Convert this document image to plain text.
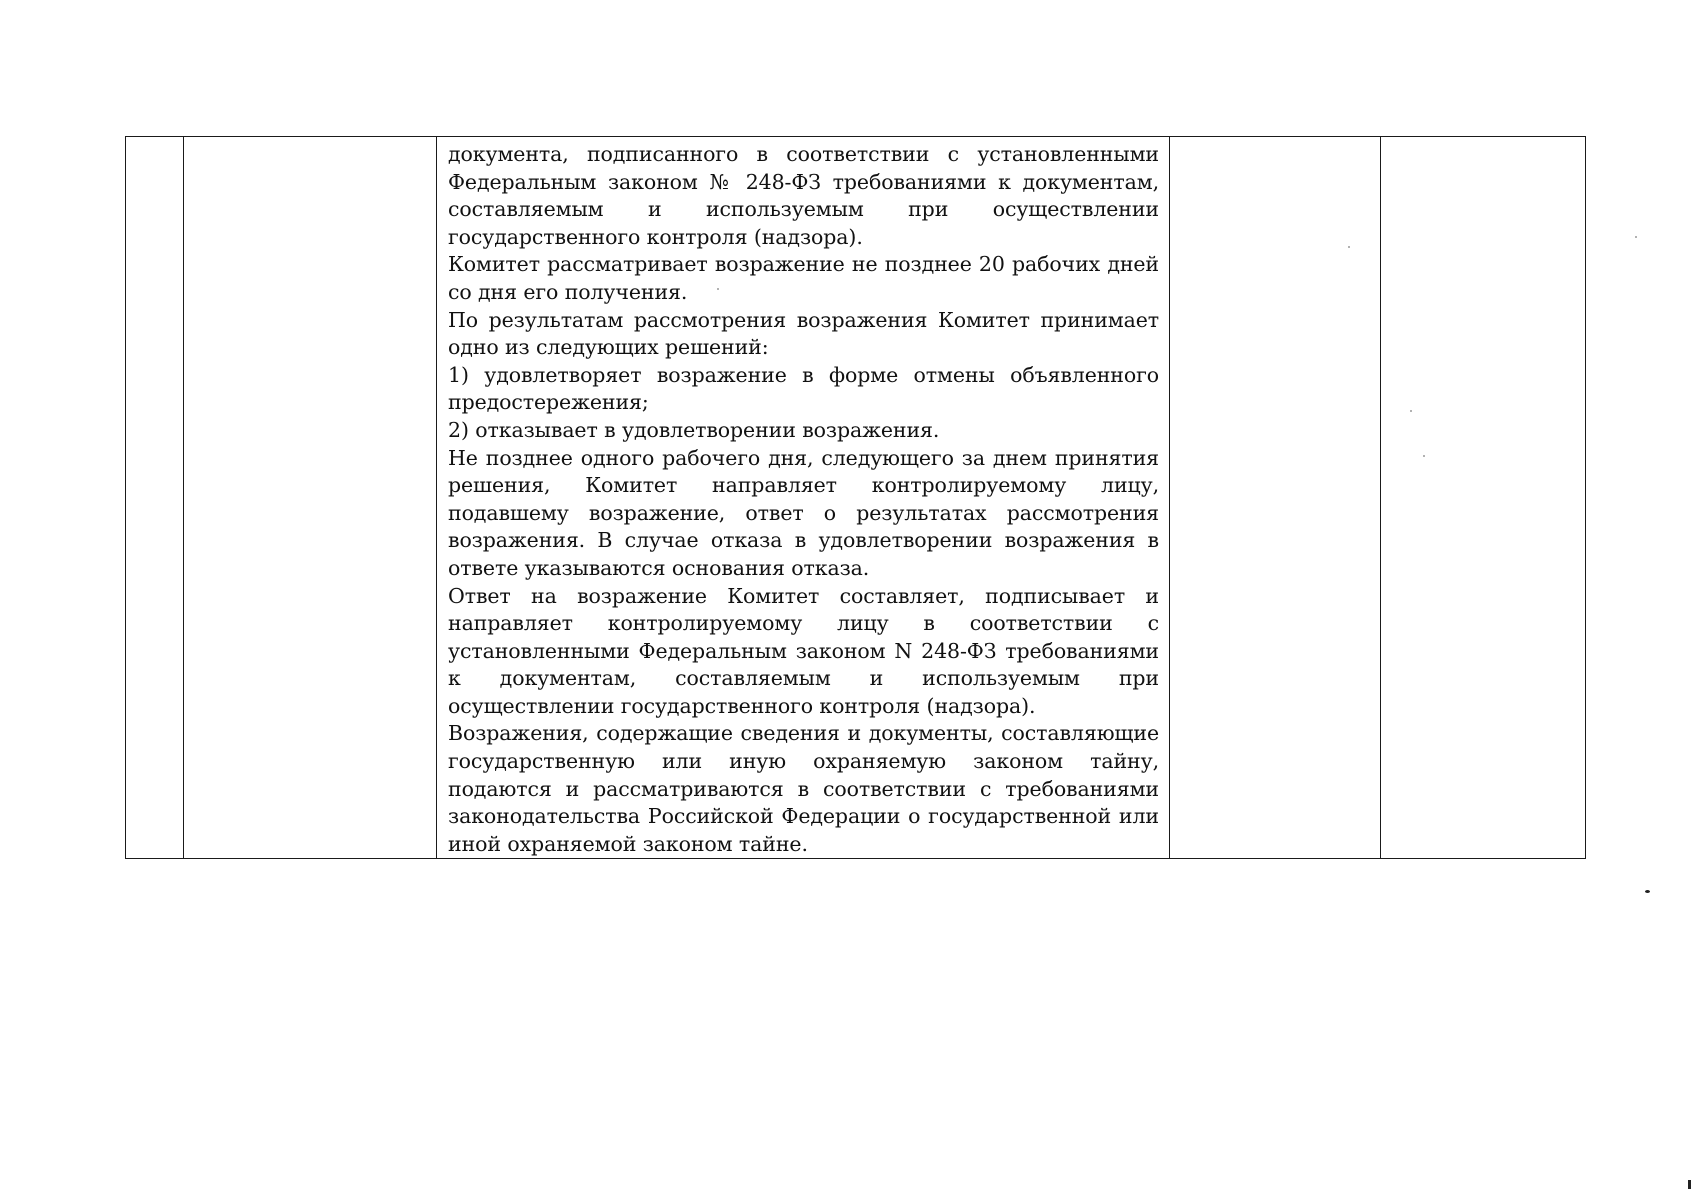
документа, подписанного в соответствии с установленными Федеральным законом № 248-ФЗ требованиями к документам, составляемым и используемым при осуществлении государственного контроля (надзора).

Комитет рассматривает возражение не позднее 20 рабочих дней со дня его получения.

По результатам рассмотрения возражения Комитет принимает одно из следующих решений:

1) удовлетворяет возражение в форме отмены объявленного предостережения;

2) отказывает в удовлетворении возражения.

Не позднее одного рабочего дня, следующего за днем принятия решения, Комитет направляет контролируемому лицу, подавшему возражение, ответ о результатах рассмотрения возражения. В случае отказа в удовлетворении возражения в ответе указываются основания отказа.

Ответ на возражение Комитет составляет, подписывает и направляет контролируемому лицу в соответствии с установленными Федеральным законом N 248-ФЗ требованиями к документам, составляемым и используемым при осуществлении государственного контроля (надзора).

Возражения, содержащие сведения и документы, составляющие государственную или иную охраняемую законом тайну, подаются и рассматриваются в соответствии с требованиями законодательства Российской Федерации о государственной или иной охраняемой законом тайне.
